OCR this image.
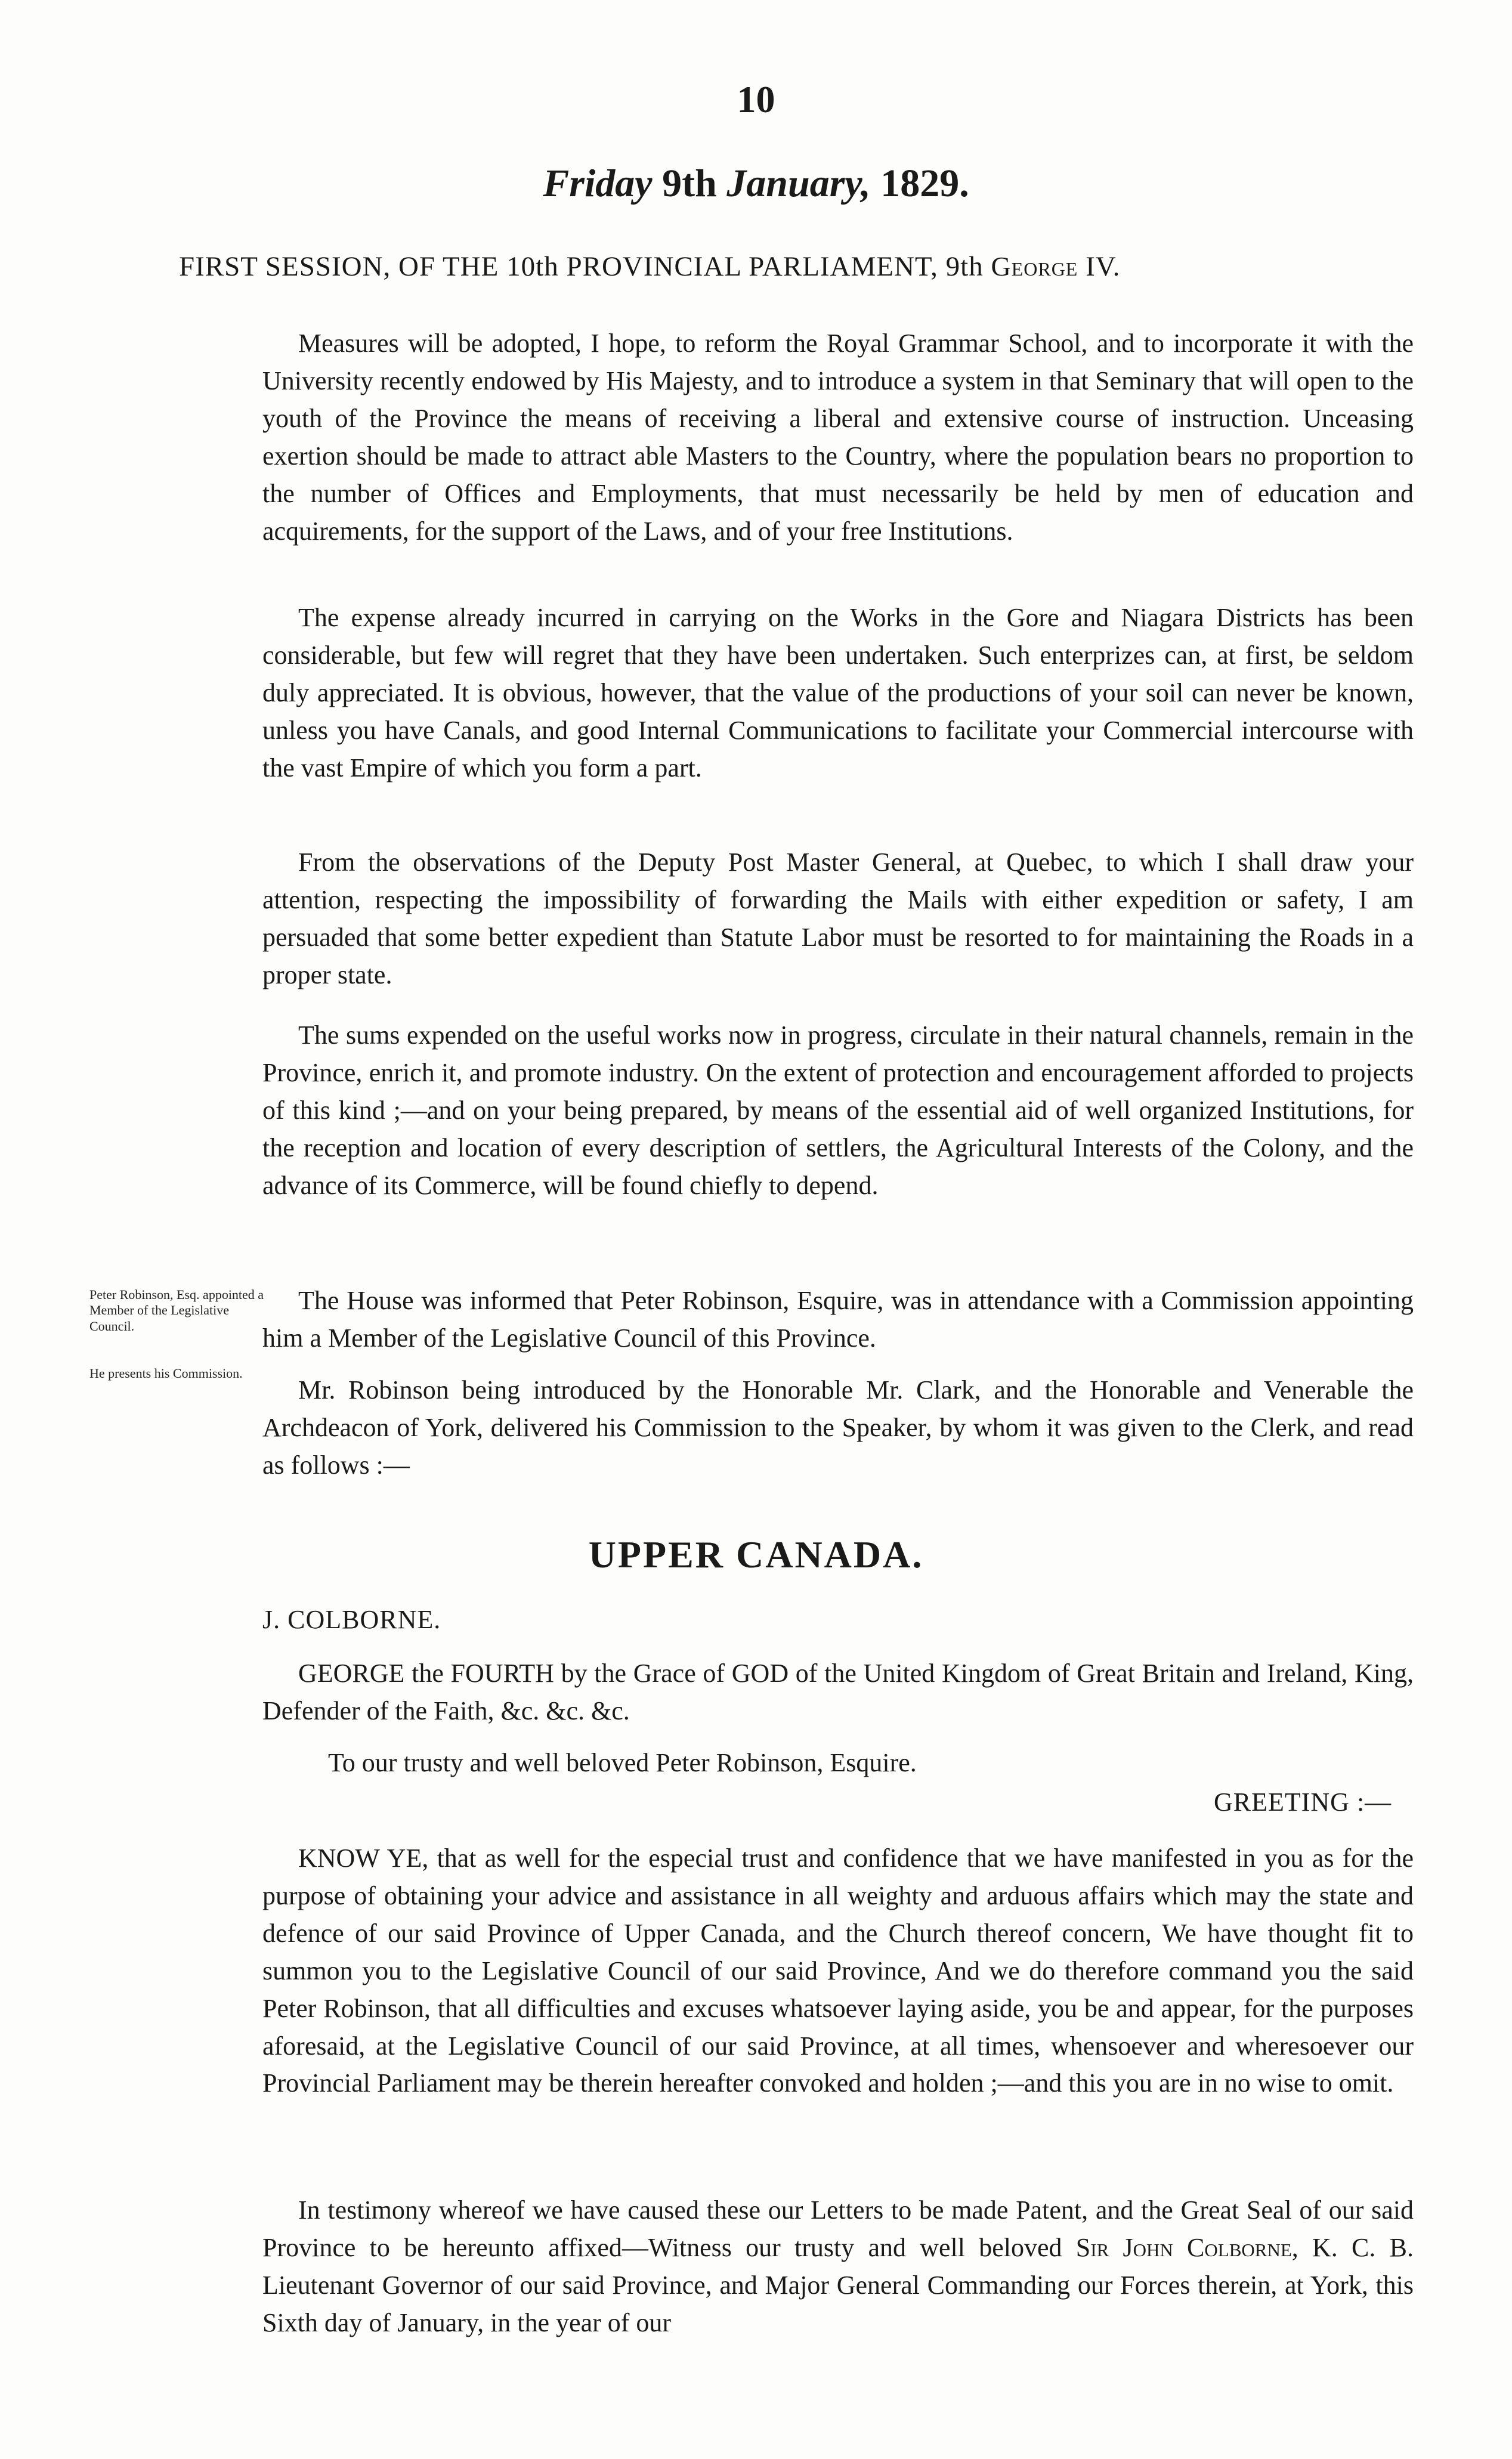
10
Friday 9th January, 1829.
FIRST SESSION, OF THE 10th PROVINCIAL PARLIAMENT, 9th George IV.

Measures will be adopted, I hope, to reform the Royal Grammar School, and to incorporate it with the University recently endowed by His Majesty, and to introduce a system in that Seminary that will open to the youth of the Province the means of receiving a liberal and extensive course of instruction. Unceasing exertion should be made to attract able Masters to the Country, where the population bears no proportion to the number of Offices and Employments, that must necessarily be held by men of education and acquirements, for the support of the Laws, and of your free Institutions.

The expense already incurred in carrying on the Works in the Gore and Niagara Districts has been considerable, but few will regret that they have been undertaken. Such enterprizes can, at first, be seldom duly appreciated. It is obvious, however, that the value of the productions of your soil can never be known, unless you have Canals, and good Internal Communications to facilitate your Commercial intercourse with the vast Empire of which you form a part.

From the observations of the Deputy Post Master General, at Quebec, to which I shall draw your attention, respecting the impossibility of forwarding the Mails with either expedition or safety, I am persuaded that some better expedient than Statute Labor must be resorted to for maintaining the Roads in a proper state.

The sums expended on the useful works now in progress, circulate in their natural channels, remain in the Province, enrich it, and promote industry. On the extent of protection and encouragement afforded to projects of this kind ;—and on your being prepared, by means of the essential aid of well organized Institutions, for the reception and location of every description of settlers, the Agricultural Interests of the Colony, and the advance of its Commerce, will be found chiefly to depend.

Peter Robinson, Esq. appointed a Member of the Legislative Council.
He presents his Commission.

The House was informed that Peter Robinson, Esquire, was in attendance with a Commission appointing him a Member of the Legislative Council of this Province.

Mr. Robinson being introduced by the Honorable Mr. Clark, and the Honorable and Venerable the Archdeacon of York, delivered his Commission to the Speaker, by whom it was given to the Clerk, and read as follows :—

UPPER CANADA.
J. COLBORNE.

GEORGE the FOURTH by the Grace of GOD of the United Kingdom of Great Britain and Ireland, King, Defender of the Faith, &c. &c. &c.

To our trusty and well beloved Peter Robinson, Esquire.

GREETING :—

KNOW YE, that as well for the especial trust and confidence that we have manifested in you as for the purpose of obtaining your advice and assistance in all weighty and arduous affairs which may the state and defence of our said Province of Upper Canada, and the Church thereof concern, We have thought fit to summon you to the Legislative Council of our said Province, And we do therefore command you the said Peter Robinson, that all difficulties and excuses whatsoever laying aside, you be and appear, for the purposes aforesaid, at the Legislative Council of our said Province, at all times, whensoever and wheresoever our Provincial Parliament may be therein hereafter convoked and holden ;—and this you are in no wise to omit.

In testimony whereof we have caused these our Letters to be made Patent, and the Great Seal of our said Province to be hereunto affixed—Witness our trusty and well beloved Sir John Colborne, K. C. B. Lieutenant Governor of our said Province, and Major General Commanding our Forces therein, at York, this Sixth day of January, in the year of our
